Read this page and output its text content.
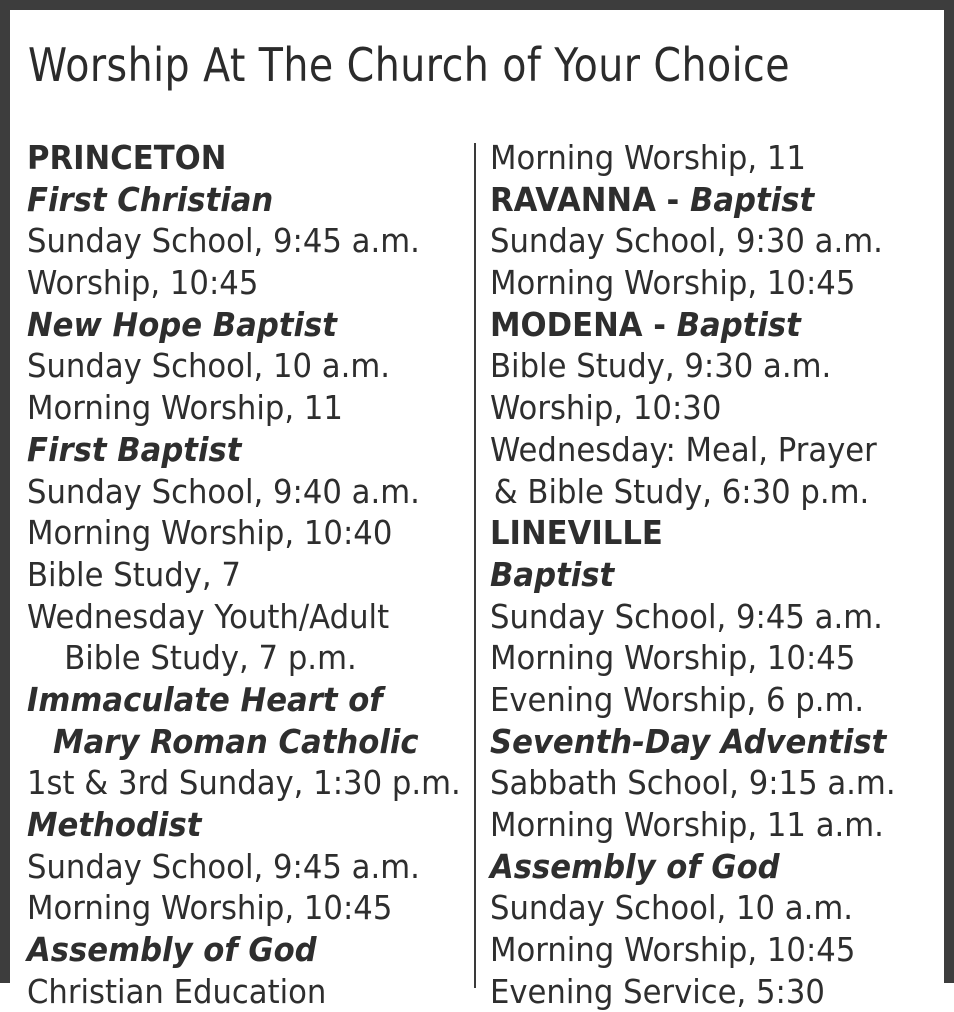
Worship At The Church of Your Choice
PRINCETON
First Christian
Sunday School, 9:45 a.m.
Worship, 10:45
New Hope Baptist
Sunday School, 10 a.m.
Morning Worship, 11
First Baptist
Sunday School, 9:40 a.m.
Morning Worship, 10:40
Bible Study, 7
Wednesday Youth/Adult
Bible Study, 7 p.m.
Immaculate Heart of
Mary Roman Catholic
1st & 3rd Sunday, 1:30 p.m.
Methodist
Sunday School, 9:45 a.m.
Morning Worship, 10:45
Assembly of God
Christian Education
Morning Worship, 11
RAVANNA - Baptist
Sunday School, 9:30 a.m.
Morning Worship, 10:45
MODENA - Baptist
Bible Study, 9:30 a.m.
Worship, 10:30
Wednesday: Meal, Prayer
& Bible Study, 6:30 p.m.
LINEVILLE
Baptist
Sunday School, 9:45 a.m.
Morning Worship, 10:45
Evening Worship, 6 p.m.
Seventh-Day Adventist
Sabbath School, 9:15 a.m.
Morning Worship, 11 a.m.
Assembly of God
Sunday School, 10 a.m.
Morning Worship, 10:45
Evening Service, 5:30
